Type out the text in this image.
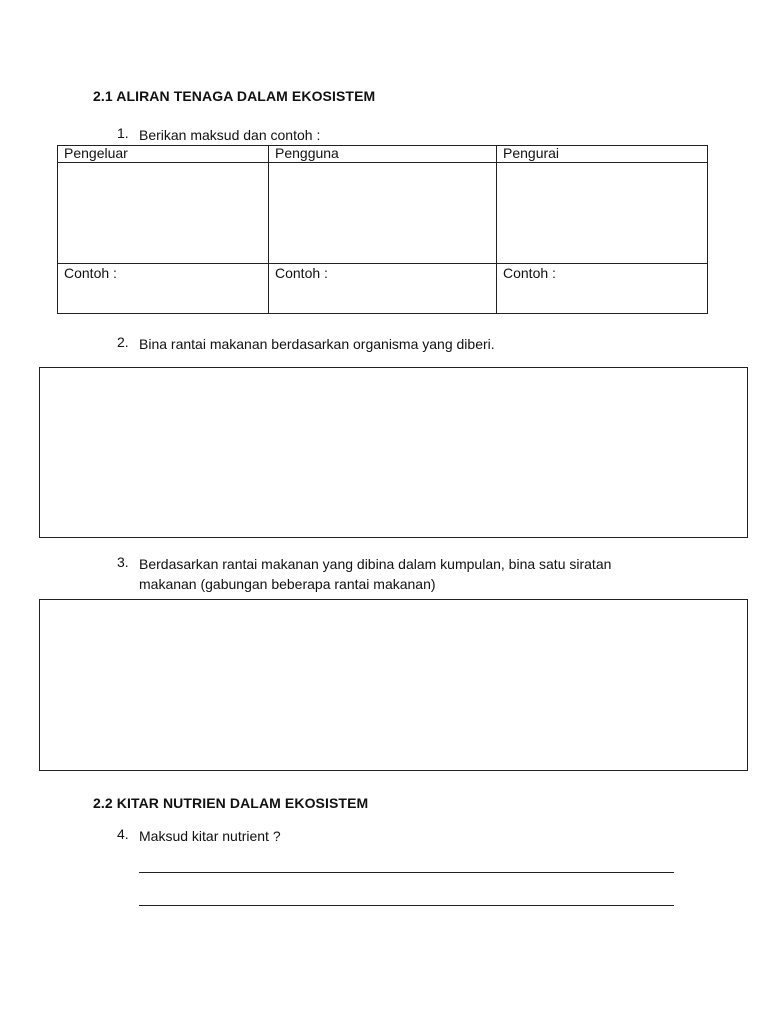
2.1 ALIRAN TENAGA DALAM EKOSISTEM
1. Berikan maksud dan contoh :
Pengeluar	Pengguna	Pengurai

Contoh :	Contoh :	Contoh :
2. Bina rantai makanan berdasarkan organisma yang diberi.
3. Berdasarkan rantai makanan yang dibina dalam kumpulan, bina satu siratan
makanan (gabungan beberapa rantai makanan)
2.2 KITAR NUTRIEN DALAM EKOSISTEM
4. Maksud kitar nutrient ?
